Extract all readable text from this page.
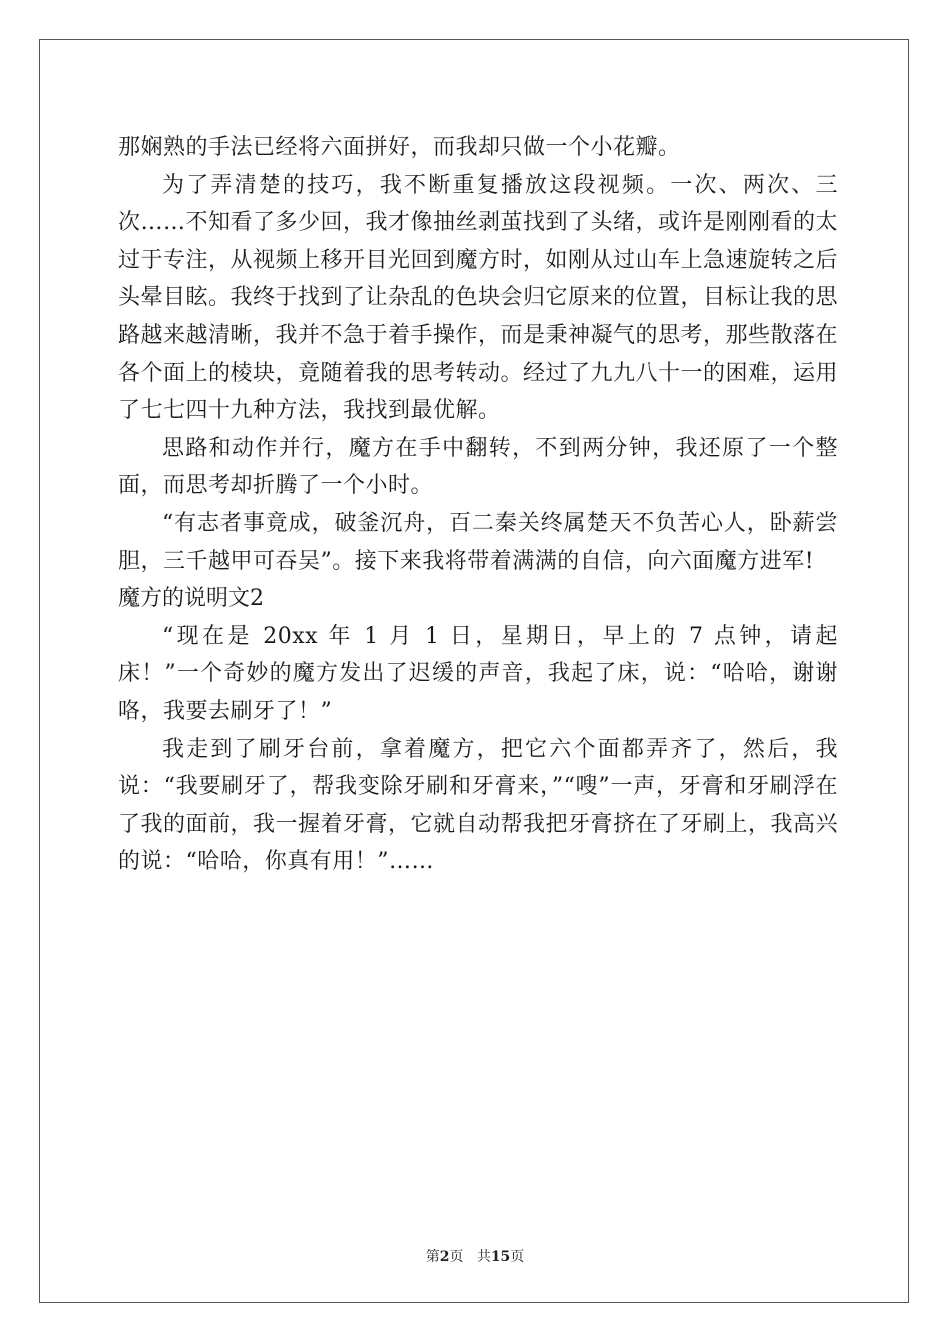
那娴熟的手法已经将六面拼好，而我却只做一个小花瓣。

为了弄清楚的技巧，我不断重复播放这段视频。一次、两次、三次……不知看了多少回，我才像抽丝剥茧找到了头绪，或许是刚刚看的太过于专注，从视频上移开目光回到魔方时，如刚从过山车上急速旋转之后头晕目眩。我终于找到了让杂乱的色块会归它原来的位置，目标让我的思路越来越清晰，我并不急于着手操作，而是秉神凝气的思考，那些散落在各个面上的棱块，竟随着我的思考转动。经过了九九八十一的困难，运用了七七四十九种方法，我找到最优解。

思路和动作并行，魔方在手中翻转，不到两分钟，我还原了一个整面，而思考却折腾了一个小时。

“有志者事竟成，破釜沉舟，百二秦关终属楚天不负苦心人，卧薪尝胆，三千越甲可吞吴”。接下来我将带着满满的自信，向六面魔方进军!

魔方的说明文2

“现在是 20xx 年 1 月 1 日，星期日，早上的 7 点钟，请起床！”一个奇妙的魔方发出了迟缓的声音，我起了床，说：“哈哈，谢谢咯，我要去刷牙了！”

我走到了刷牙台前，拿着魔方，把它六个面都弄齐了，然后，我说：“我要刷牙了，帮我变除牙刷和牙膏来，”“嗖”一声，牙膏和牙刷浮在了我的面前，我一握着牙膏，它就自动帮我把牙膏挤在了牙刷上，我高兴的说：“哈哈，你真有用！”……

第2页 共15页
